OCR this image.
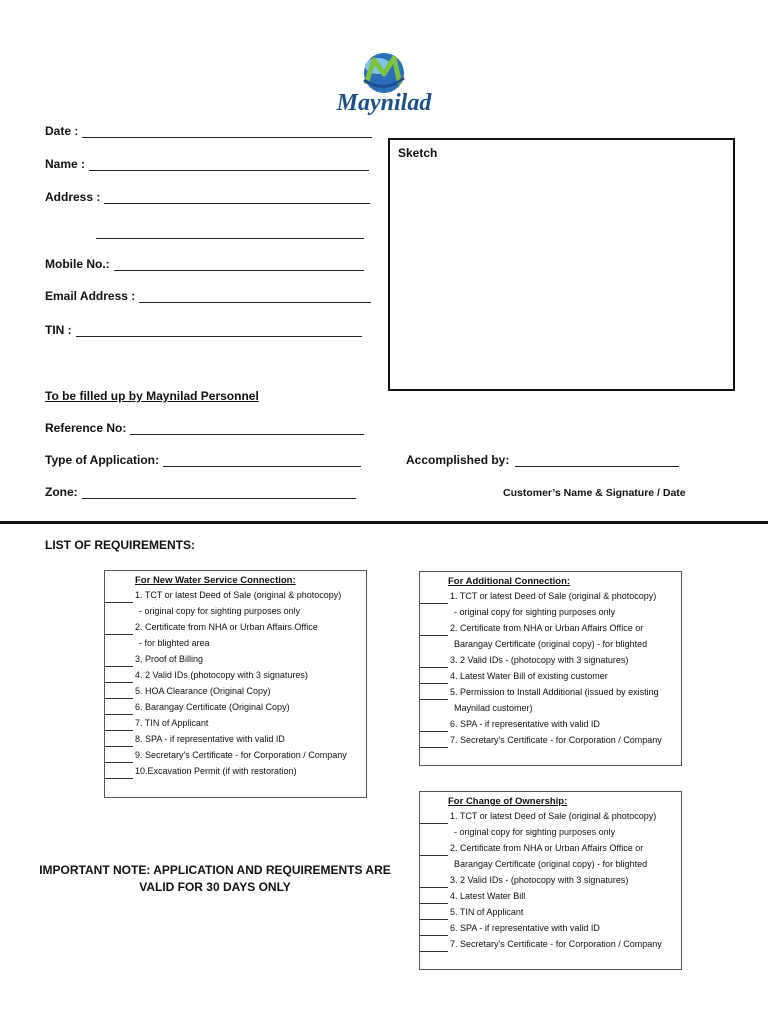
Maynilad
Date :
Name :
Address :
Mobile No.:
Email Address :
TIN :
Sketch
To be filled up by Maynilad Personnel
Reference No:
Type of Application:
Zone:
Accomplished by:
Customer’s Name & Signature / Date
LIST OF REQUIREMENTS:
For New Water Service Connection:
1. TCT or latest Deed of Sale (original & photocopy)
- original copy for sighting purposes only
2. Certificate from NHA or Urban Affairs Office
- for blighted area
3. Proof of Billing
4. 2 Valid IDs (photocopy with 3 signatures)
5. HOA Clearance (Original Copy)
6. Barangay Certificate (Original Copy)
7. TIN of Applicant
8. SPA - if representative with valid ID
9. Secretary's Certificate - for Corporation / Company
10.Excavation Permit (if with restoration)
For Additional Connection:
1. TCT or latest Deed of Sale (original & photocopy)
- original copy for sighting purposes only
2. Certificate from NHA or Urban Affairs Office or
Barangay Certificate (original copy) - for blighted
3. 2 Valid IDs - (photocopy with 3 signatures)
4. Latest Water Bill of existing customer
5. Permission to Install Additional (issued by existing
Maynilad customer)
6. SPA - if representative with valid ID
7. Secretary's Certificate - for Corporation / Company
For Change of Ownership:
1. TCT or latest Deed of Sale (original & photocopy)
- original copy for sighting purposes only
2. Certificate from NHA or Urban Affairs Office or
Barangay Certificate (original copy) - for blighted
3. 2 Valid IDs - (photocopy with 3 signatures)
4. Latest Water Bill
5. TIN of Applicant
6. SPA - if representative with valid ID
7. Secretary's Certificate - for Corporation / Company
IMPORTANT NOTE: APPLICATION AND REQUIREMENTS ARE
VALID FOR 30 DAYS ONLY
